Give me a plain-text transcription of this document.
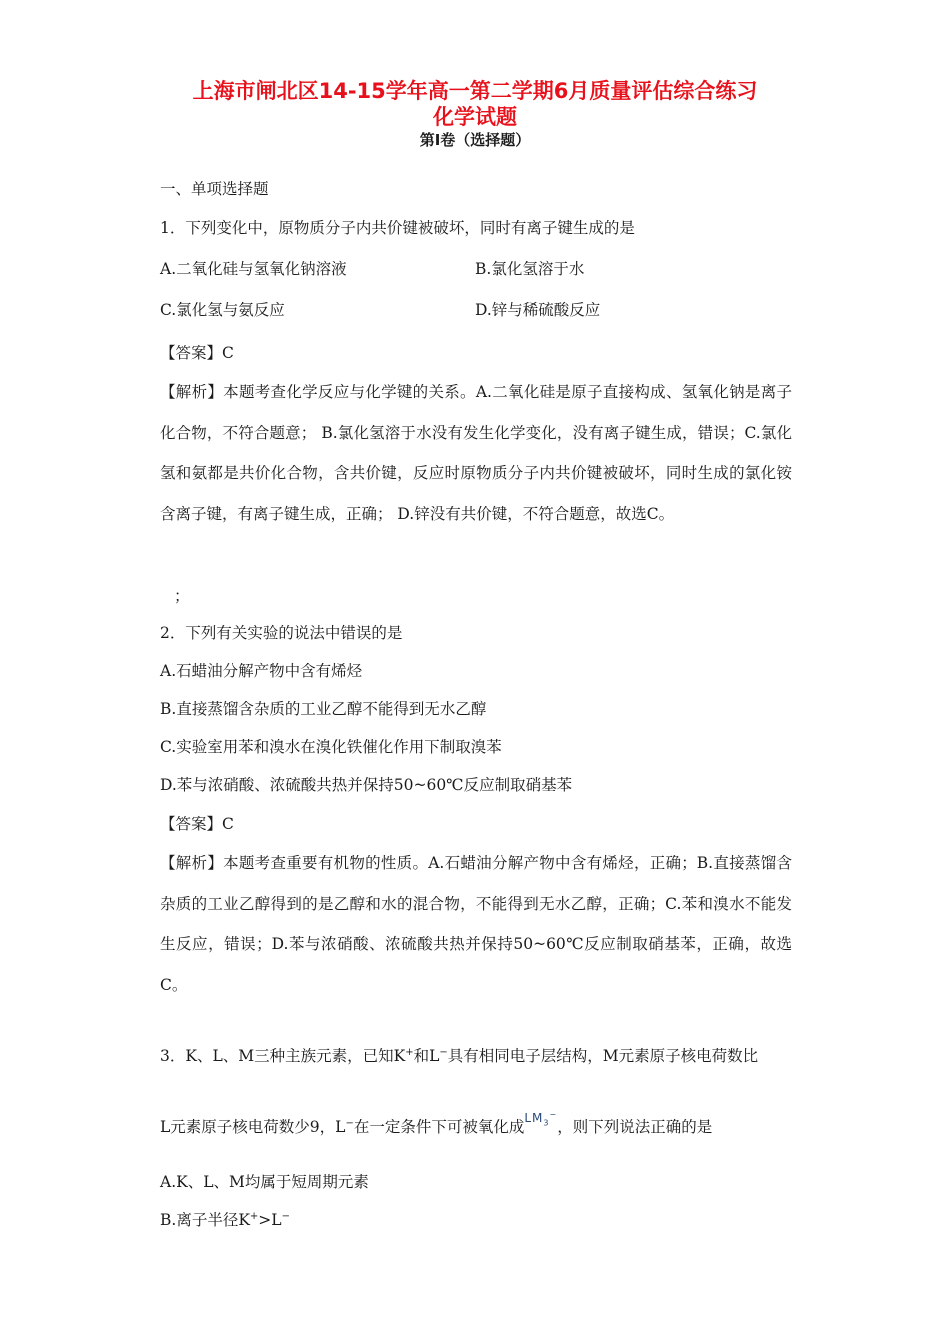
上海市闸北区14-15学年高一第二学期6月质量评估综合练习
化学试题
第I卷（选择题）
一、单项选择题
1．下列变化中，原物质分子内共价键被破坏，同时有离子键生成的是
A.二氧化硅与氢氧化钠溶液	B.氯化氢溶于水
C.氯化氢与氨反应	D.锌与稀硫酸反应
【答案】C
【解析】本题考查化学反应与化学键的关系。A.二氧化硅是原子直接构成、氢氧化钠是离子化合物，不符合题意； B.氯化氢溶于水没有发生化学变化，没有离子键生成，错误；C.氯化氢和氨都是共价化合物，含共价键，反应时原物质分子内共价键被破坏，同时生成的氯化铵含离子键，有离子键生成，正确； D.锌没有共价键，不符合题意，故选C。
；
2．下列有关实验的说法中错误的是
A.石蜡油分解产物中含有烯烃
B.直接蒸馏含杂质的工业乙醇不能得到无水乙醇
C.实验室用苯和溴水在溴化铁催化作用下制取溴苯
D.苯与浓硝酸、浓硫酸共热并保持50~60℃反应制取硝基苯
【答案】C
【解析】本题考查重要有机物的性质。A.石蜡油分解产物中含有烯烃，正确；B.直接蒸馏含杂质的工业乙醇得到的是乙醇和水的混合物，不能得到无水乙醇，正确；C.苯和溴水不能发生反应，错误；D.苯与浓硝酸、浓硫酸共热并保持50~60℃反应制取硝基苯，正确，故选C。
3．K、L、M三种主族元素，已知K+和L−具有相同电子层结构，M元素原子核电荷数比
L元素原子核电荷数少9，L−在一定条件下可被氧化成$LM_3^-$，则下列说法正确的是
A.K、L、M均属于短周期元素
B.离子半径K+>L−
